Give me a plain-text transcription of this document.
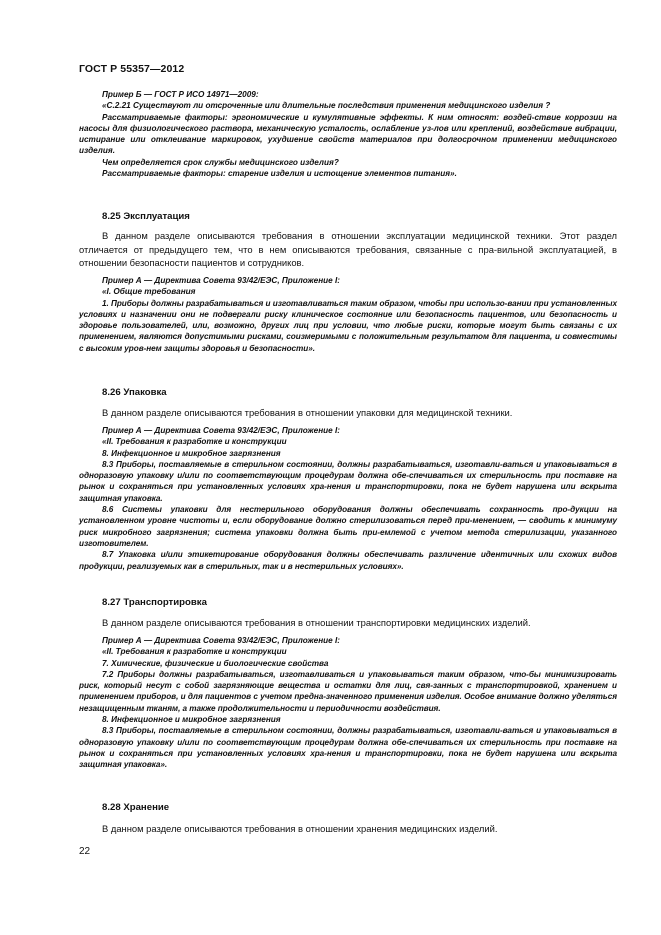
ГОСТ Р 55357—2012

Пример Б — ГОСТ Р ИСО 14971—2009:

«С.2.21 Существуют ли отсроченные или длительные последствия применения медицинского изделия ?

Рассматриваемые факторы: эргономические и кумулятивные эффекты. К ним относят: воздей-ствие коррозии на насосы для физиологического раствора, механическую усталость, ослабление уз-лов или креплений, воздействие вибрации, истирание или отклеивание маркировок, ухудшение свойств материалов при долгосрочном применении медицинского изделия.

Чем определяется срок службы медицинского изделия?

Рассматриваемые факторы: старение изделия и истощение элементов питания».

8.25 Эксплуатация

В данном разделе описываются требования в отношении эксплуатации медицинской техники. Этот раздел отличается от предыдущего тем, что в нем описываются требования, связанные с пра-вильной эксплуатацией, в отношении безопасности пациентов и сотрудников.

Пример А — Директива Совета 93/42/ЕЭС, Приложение I:

«I. Общие требования

1. Приборы должны разрабатываться и изготавливаться таким образом, чтобы при использо-вании при установленных условиях и назначении они не подвергали риску клиническое состояние или безопасность пациентов, или безопасность и здоровье пользователей, или, возможно, других лиц при условии, что любые риски, которые могут быть связаны с их применением, являются допустимыми рисками, соизмеримыми с положительным результатом для пациента, и совместимы с высоким уров-нем защиты здоровья и безопасности».

8.26 Упаковка

В данном разделе описываются требования в отношении упаковки для медицинской техники.

Пример А — Директива Совета 93/42/ЕЭС, Приложение I:

«II. Требования к разработке и конструкции

8. Инфекционное и микробное загрязнения

8.3 Приборы, поставляемые в стерильном состоянии, должны разрабатываться, изготавли-ваться и упаковываться в одноразовую упаковку и/или по соответствующим процедурам должна обе-спечиваться их стерильность при поставке на рынок и сохраняться при установленных условиях хра-нения и транспортировки, пока не будет нарушена или вскрыта защитная упаковка.

8.6 Системы упаковки для нестерильного оборудования должны обеспечивать сохранность про-дукции на установленном уровне чистоты и, если оборудование должно стерилизоваться перед при-менением, — сводить к минимуму риск микробного загрязнения; система упаковки должна быть при-емлемой с учетом метода стерилизации, указанного изготовителем.

8.7 Упаковка и/или этикетирование оборудования должны обеспечивать различение идентичных или схожих видов продукции, реализуемых как в стерильных, так и в нестерильных условиях».

8.27 Транспортировка

В данном разделе описываются требования в отношении транспортировки медицинских изделий.

Пример А — Директива Совета 93/42/ЕЭС, Приложение I:

«II. Требования к разработке и конструкции

7. Химические, физические и биологические свойства

7.2 Приборы должны разрабатываться, изготавливаться и упаковываться таким образом, что-бы минимизировать риск, который несут с собой загрязняющие вещества и остатки для лиц, свя-занных с транспортировкой, хранением и применением приборов, и для пациентов с учетом предна-значенного применения изделия. Особое внимание должно уделяться незащищенным тканям, а также продолжительности и периодичности воздействия.

8. Инфекционное и микробное загрязнения

8.3 Приборы, поставляемые в стерильном состоянии, должны разрабатываться, изготавли-ваться и упаковываться в одноразовую упаковку и/или по соответствующим процедурам должна обе-спечиваться их стерильность при поставке на рынок и сохраняться при установленных условиях хра-нения и транспортировки, пока не будет нарушена или вскрыта защитная упаковка».

8.28 Хранение

В данном разделе описываются требования в отношении хранения медицинских изделий.

22
